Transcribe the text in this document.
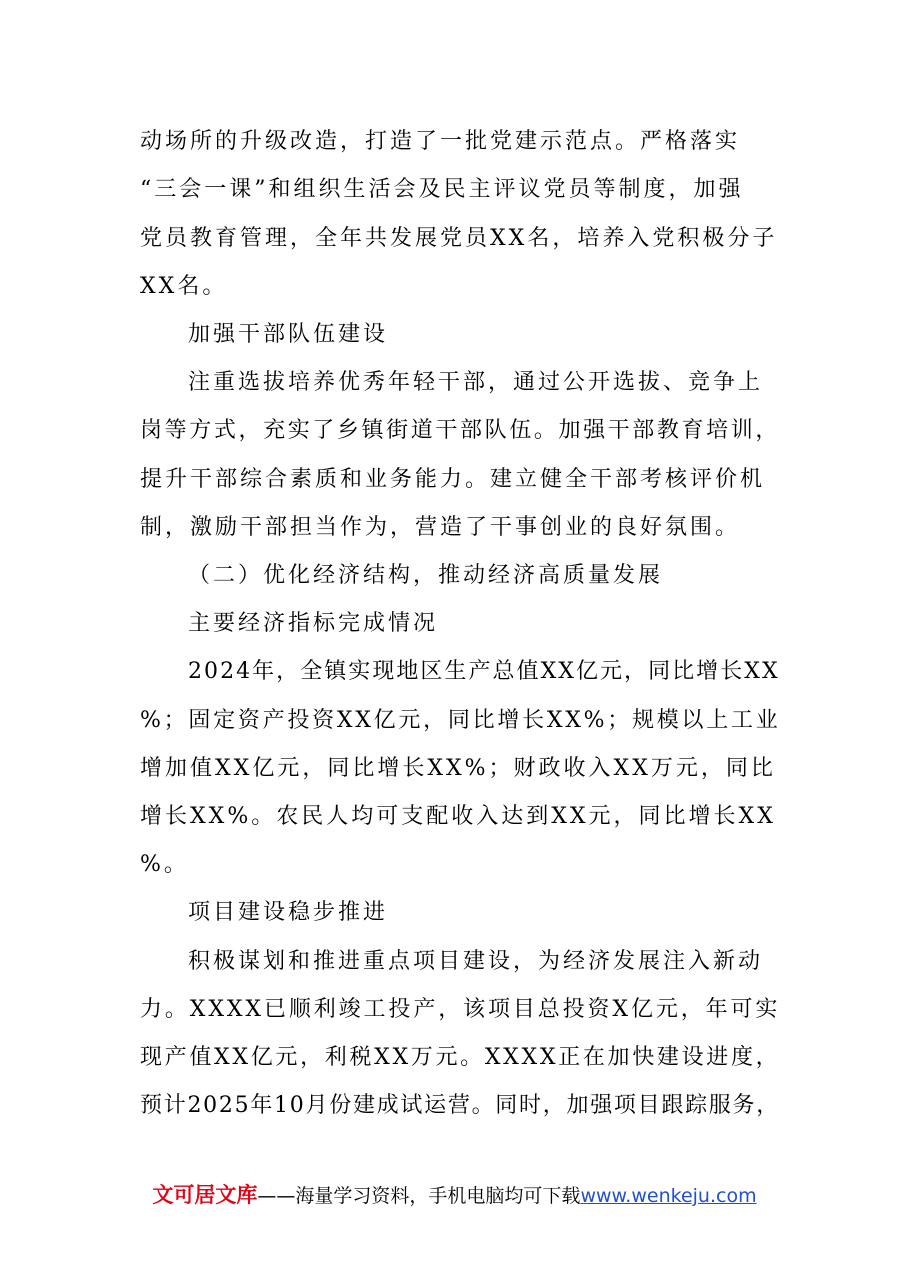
动场所的升级改造，打造了一批党建示范点。严格落实
“三会一课”和组织生活会及民主评议党员等制度，加强
党员教育管理，全年共发展党员XX名，培养入党积极分子
XX名。
加强干部队伍建设
注重选拔培养优秀年轻干部，通过公开选拔、竞争上
岗等方式，充实了乡镇街道干部队伍。加强干部教育培训，
提升干部综合素质和业务能力。建立健全干部考核评价机
制，激励干部担当作为，营造了干事创业的良好氛围。
（二）优化经济结构，推动经济高质量发展
主要经济指标完成情况
2024年，全镇实现地区生产总值XX亿元，同比增长XX
%；固定资产投资XX亿元，同比增长XX%；规模以上工业
增加值XX亿元，同比增长XX%；财政收入XX万元，同比
增长XX%。农民人均可支配收入达到XX元，同比增长XX
%。
项目建设稳步推进
积极谋划和推进重点项目建设，为经济发展注入新动
力。XXXX已顺利竣工投产，该项目总投资X亿元，年可实
现产值XX亿元，利税XX万元。XXXX正在加快建设进度，
预计2025年10月份建成试运营。同时，加强项目跟踪服务，
文可居文库——海量学习资料，手机电脑均可下载www.wenkeju.com
